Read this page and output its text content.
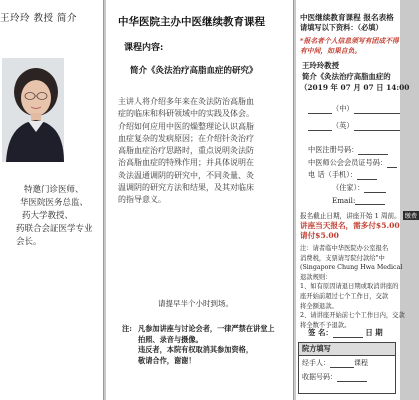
王玲玲 教授 简介
特邀门诊医师、
华医院医务总监、
药大学教授、
药联合会証医学专业
会长。
中华医院主办中医继续教育课程
课程内容:
简介《灸法治疗高脂血症的研究》
主讲人将介绍多年来在灸法防治高脂血
症的临床和科研领域中的实践及体会。
介绍如何应用中医的燥整理论认识高脂
血症复杂的发病原因；在介绍针灸治疗
高脂血症治疗思路时，重点说明灸法防
治高脂血症的特殊作用；并具体说明在
灸法温通调阴的研究中，不同灸量、灸
温调阴的研究方法和结果，及其对临床
的指导意义。
请提早半个小时到场。
注: 凡参加讲座与讨论会者，一律严禁在讲堂上
拍照、录音与摄像。
违反者，本院有权取消其参加资格，
敬请合作，谢谢！
中医继续教育课程 报名表格
请填写以下资料：（必填）
*报名者个人信息须写有团成不得
有中间，如果自负。
王玲玲教授
简介《灸法治疗高脂血症的
（2019 年 07 月 07 日 14:00
（中）
（英）
中医注册号码：
中医师公会会员证号码：
电 话（手机）：
（住家）：
Email:
报名截止日期，讲座开始 1 周前。 缴费
讲座当天报名，需多付$5.00
请付$5.00
注：请者临中华医院办公室报名
消费税，支票请写院付款给"中
(Singapore Chung Hwa Medical
退款规则：
1、如有原因请退日期或取消讲座的
座开始前超过七个工作日，交款
将全额退款。
2、请讲座开始前七个工作日内，交款
将全数不予退款。
签 名：	日 期
院方填写
经手人：	课程
收据号码：
